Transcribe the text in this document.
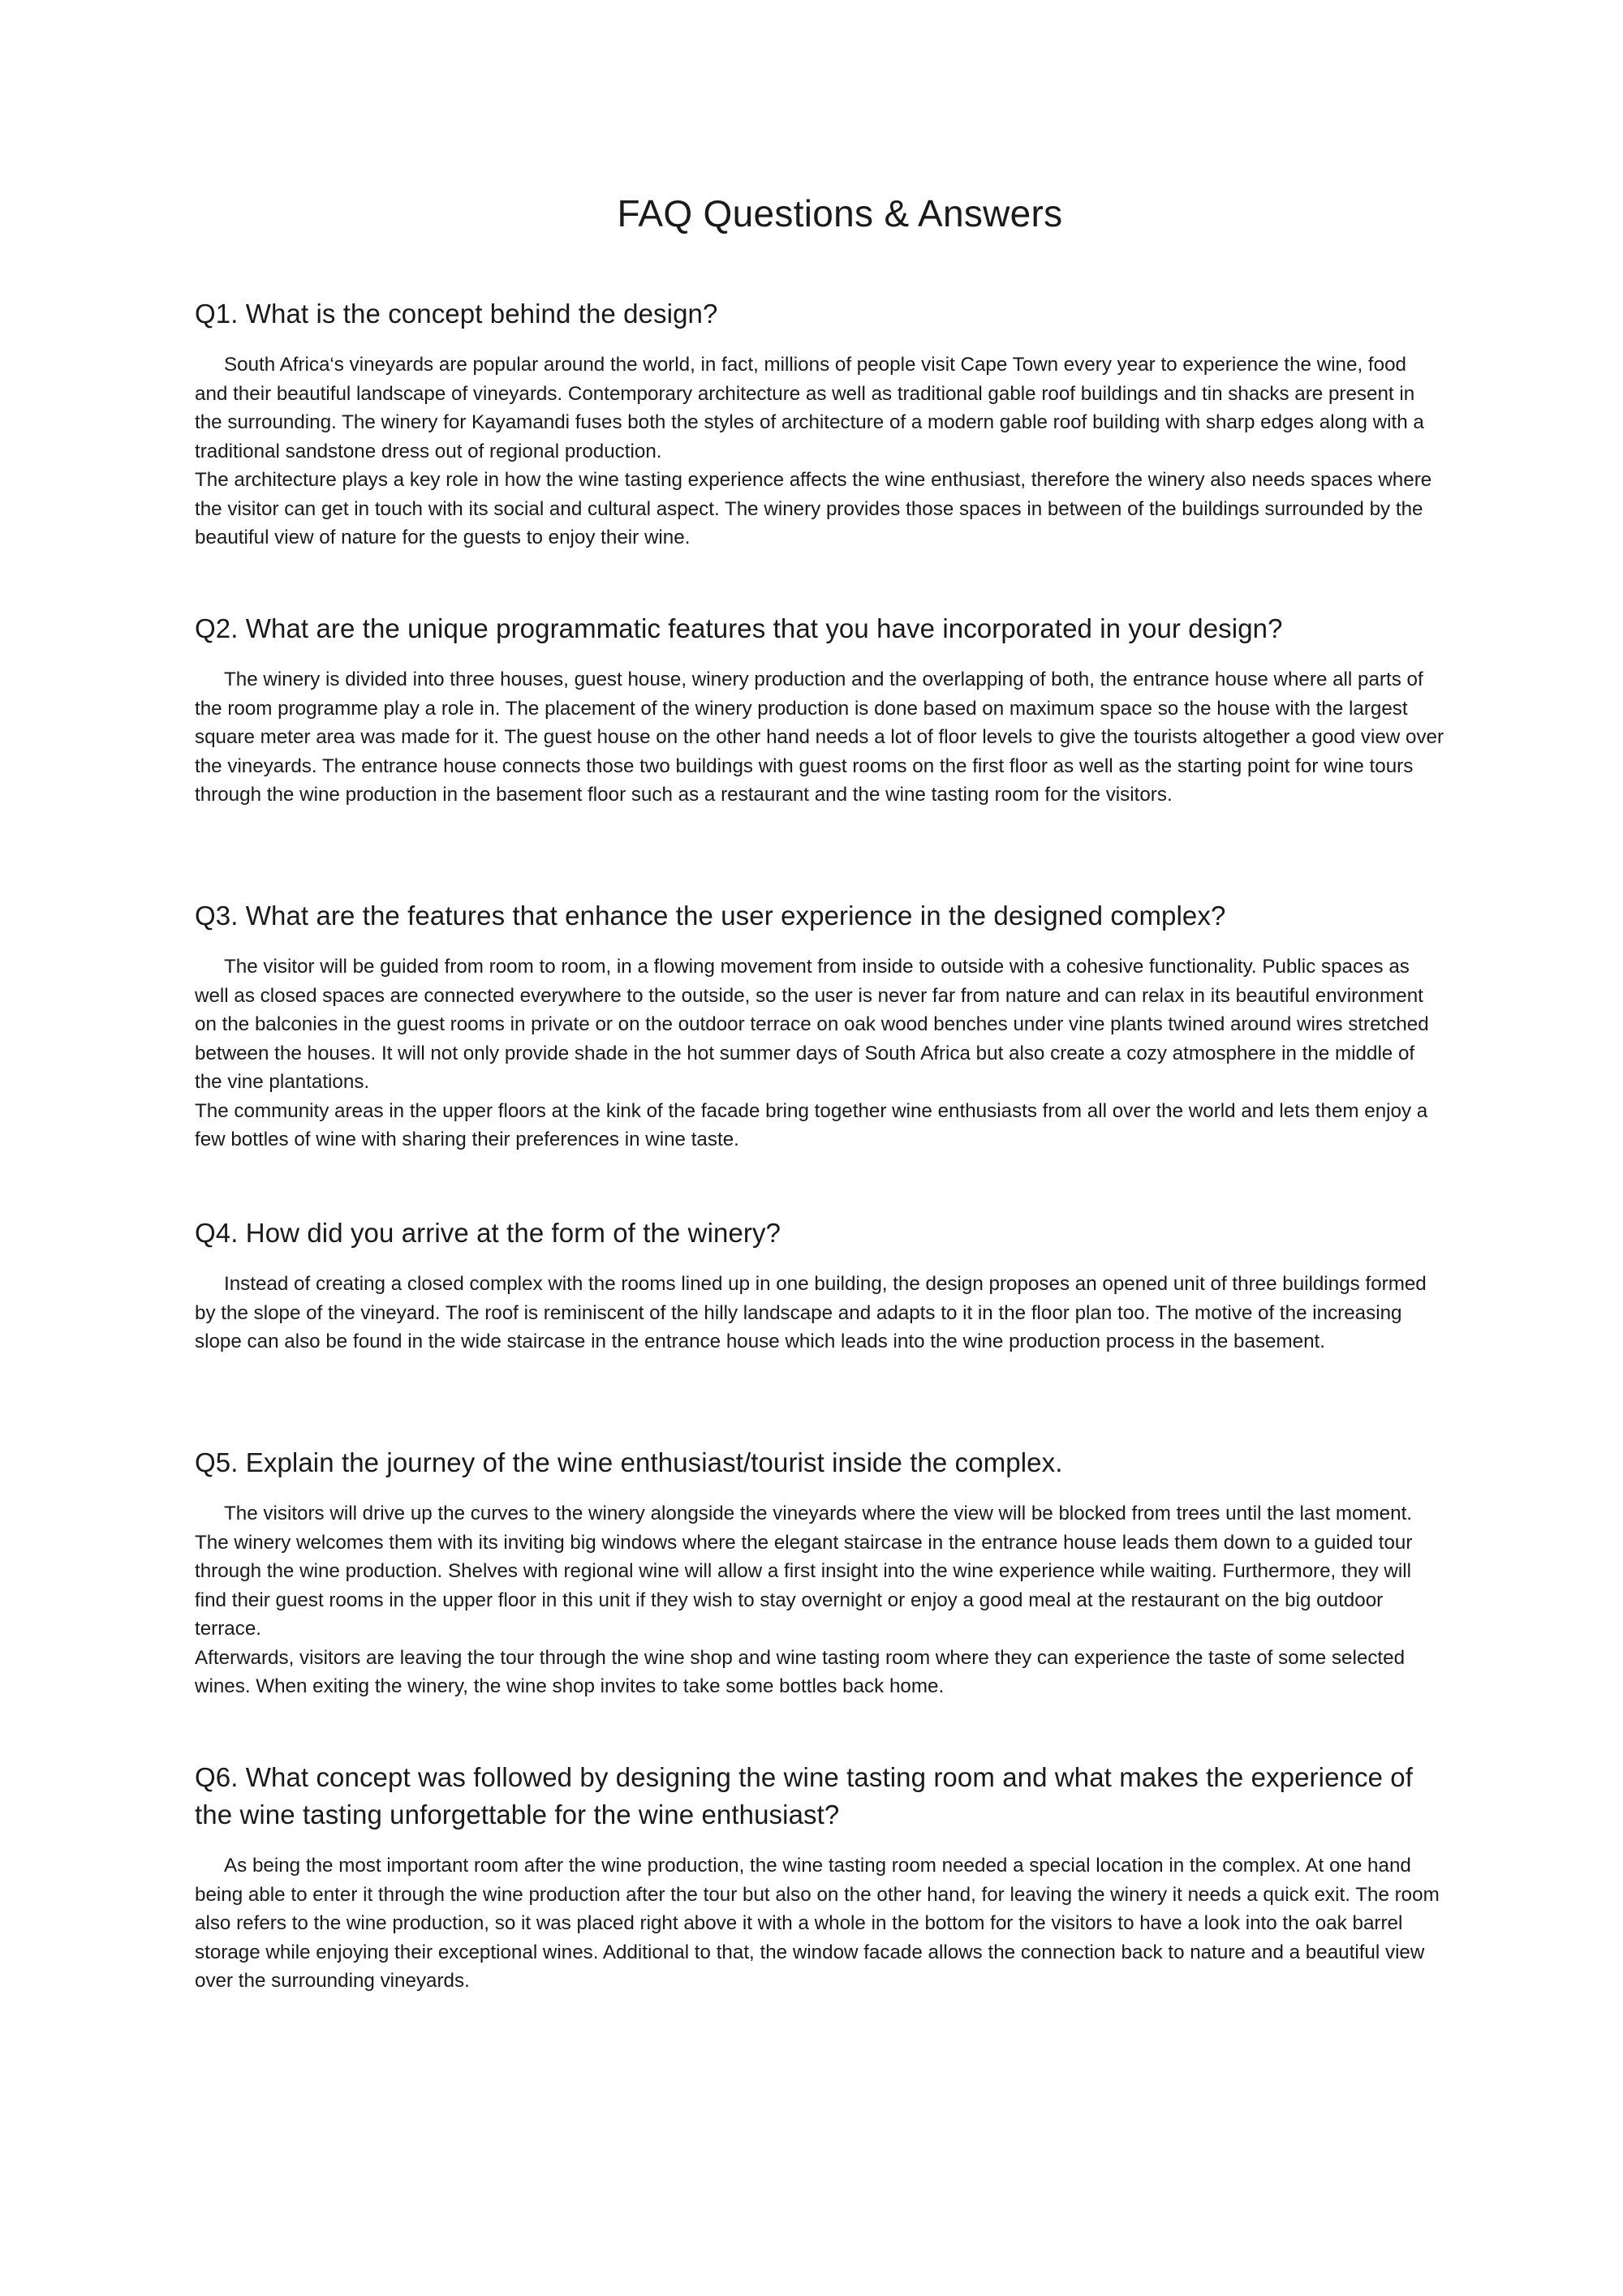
FAQ Questions & Answers
Q1. What is the concept behind the design?
South Africa‘s vineyards are popular around the world, in fact, millions of people visit Cape Town every year to experience the wine, food and their beautiful landscape of vineyards. Contemporary architecture as well as traditional gable roof buildings and tin shacks are present in the surrounding. The winery for Kayamandi fuses both the styles of architecture of a modern gable roof building with sharp edges along with a traditional sandstone dress out of regional production.
The architecture plays a key role in how the wine tasting experience affects the wine enthusiast, therefore the winery also needs spaces where the visitor can get in touch with its social and cultural aspect. The winery provides those spaces in between of the buildings surrounded by the beautiful view of nature for the guests to enjoy their wine.
Q2. What are the unique programmatic features that you have incorporated in your design?
The winery is divided into three houses, guest house, winery production and the overlapping of both, the entrance house where all parts of the room programme play a role in. The placement of the winery production is done based on maximum space so the house with the largest square meter area was made for it. The guest house on the other hand needs a lot of floor levels to give the tourists altogether a good view over the vineyards. The entrance house connects those two buildings with guest rooms on the first floor as well as the starting point for wine tours through the wine production in the basement floor such as a restaurant and the wine tasting room for the visitors.
Q3. What are the features that enhance the user experience in the designed complex?
The visitor will be guided from room to room, in a flowing movement from inside to outside with a cohesive functionality. Public spaces as well as closed spaces are connected everywhere to the outside, so the user is never far from nature and can relax in its beautiful environment on the balconies in the guest rooms in private or on the outdoor terrace on oak wood benches under vine plants twined around wires stretched between the houses. It will not only provide shade in the hot summer days of South Africa but also create a cozy atmosphere in the middle of the vine plantations.
The community areas in the upper floors at the kink of the facade bring together wine enthusiasts from all over the world and lets them enjoy a few bottles of wine with sharing their preferences in wine taste.
Q4. How did you arrive at the form of the winery?
Instead of creating a closed complex with the rooms lined up in one building, the design proposes an opened unit of three buildings formed by the slope of the vineyard. The roof is reminiscent of the hilly landscape and adapts to it in the floor plan too. The motive of the increasing slope can also be found in the wide staircase in the entrance house which leads into the wine production process in the basement.
Q5. Explain the journey of the wine enthusiast/tourist inside the complex.
The visitors will drive up the curves to the winery alongside the vineyards where the view will be blocked from trees until the last moment. The winery welcomes them with its inviting big windows where the elegant staircase in the entrance house leads them down to a guided tour through the wine production. Shelves with regional wine will allow a first insight into the wine experience while waiting. Furthermore, they will find their guest rooms in the upper floor in this unit if they wish to stay overnight or enjoy a good meal at the restaurant on the big outdoor terrace.
Afterwards, visitors are leaving the tour through the wine shop and wine tasting room where they can experience the taste of some selected wines. When exiting the winery, the wine shop invites to take some bottles back home.
Q6. What concept was followed by designing the wine tasting room and what makes the experience of the wine tasting unforgettable for the wine enthusiast?
As being the most important room after the wine production, the wine tasting room needed a special location in the complex. At one hand being able to enter it through the wine production after the tour but also on the other hand, for leaving the winery it needs a quick exit. The room also refers to the wine production, so it was placed right above it with a whole in the bottom for the visitors to have a look into the oak barrel storage while enjoying their exceptional wines. Additional to that, the window facade allows the connection back to nature and a beautiful view over the surrounding vineyards.
